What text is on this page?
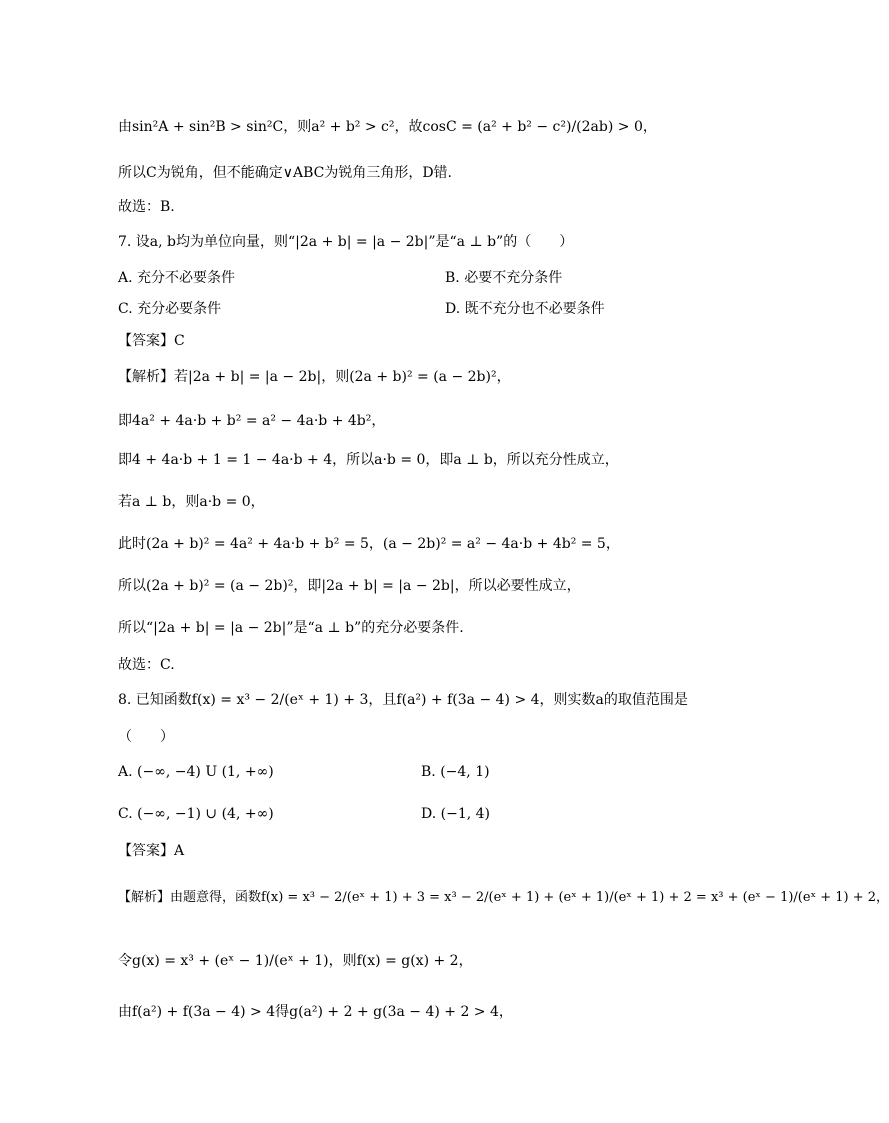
由sin²A + sin²B > sin²C，则a² + b² > c²，故cosC = (a² + b² − c²)/(2ab) > 0，
所以C为锐角，但不能确定∨ABC为锐角三角形，D错.
故选：B.
7. 设a, b均为单位向量，则“|2a + b| = |a − 2b|”是“a ⊥ b”的（　　）
A. 充分不必要条件	B. 必要不充分条件
C. 充分必要条件	D. 既不充分也不必要条件
【答案】C
【解析】若|2a + b| = |a − 2b|，则(2a + b)² = (a − 2b)²，
即4a² + 4a·b + b² = a² − 4a·b + 4b²，
即4 + 4a·b + 1 = 1 − 4a·b + 4，所以a·b = 0，即a ⊥ b，所以充分性成立，
若a ⊥ b，则a·b = 0，
此时(2a + b)² = 4a² + 4a·b + b² = 5，(a − 2b)² = a² − 4a·b + 4b² = 5，
所以(2a + b)² = (a − 2b)²，即|2a + b| = |a − 2b|，所以必要性成立，
所以“|2a + b| = |a − 2b|”是“a ⊥ b”的充分必要条件.
故选：C.
8. 已知函数f(x) = x³ − 2/(eˣ + 1) + 3，且f(a²) + f(3a − 4) > 4，则实数a的取值范围是
（　　）
A. (−∞, −4) U (1, +∞)	B. (−4, 1)
C. (−∞, −1) ∪ (4, +∞)	D. (−1, 4)
【答案】A
【解析】由题意得，函数f(x) = x³ − 2/(eˣ + 1) + 3 = x³ − 2/(eˣ + 1) + (eˣ + 1)/(eˣ + 1) + 2 = x³ + (eˣ − 1)/(eˣ + 1) + 2，
令g(x) = x³ + (eˣ − 1)/(eˣ + 1)，则f(x) = g(x) + 2，
由f(a²) + f(3a − 4) > 4得g(a²) + 2 + g(3a − 4) + 2 > 4，
